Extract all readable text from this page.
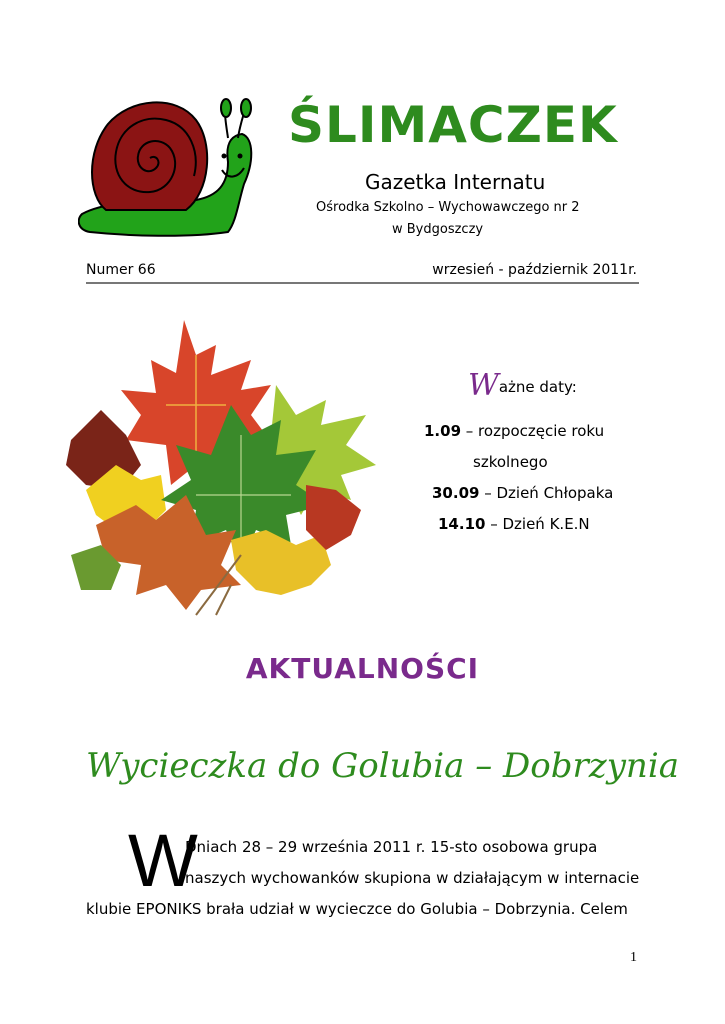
ŚLIMACZEK
Gazetka Internatu
Ośrodka Szkolno – Wychowawczego nr 2
w Bydgoszczy
Numer 66	wrzesień - październik 2011r.
Ważne daty:
1.09 – rozpoczęcie roku
szkolnego
30.09 – Dzień Chłopaka
14.10 – Dzień K.E.N
AKTUALNOŚCI
Wycieczka do Golubia – Dobrzynia
W
Dniach 28 – 29 września 2011 r. 15-sto osobowa grupa
naszych wychowanków skupiona w działającym w internacie
klubie EPONIKS brała udział w wycieczce do Golubia – Dobrzynia. Celem
1
